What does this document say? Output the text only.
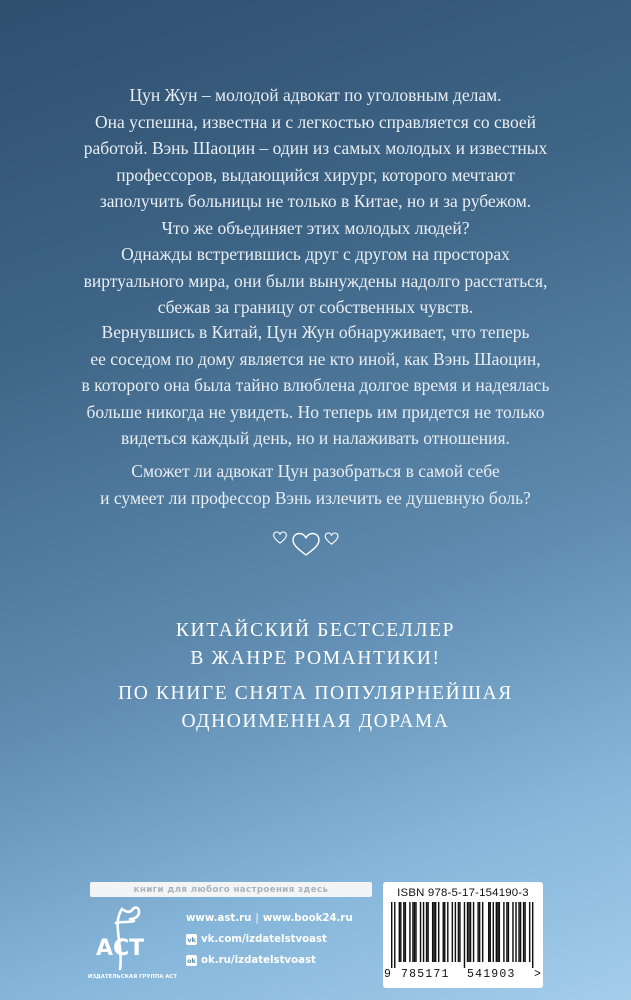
Цун Жун – молодой адвокат по уголовным делам.

Она успешна, известна и с легкостью справляется со своей

работой. Вэнь Шаоцин – один из самых молодых и известных

профессоров, выдающийся хирург, которого мечтают

заполучить больницы не только в Китае, но и за рубежом.

Что же объединяет этих молодых людей?

Однажды встретившись друг с другом на просторах

виртуального мира, они были вынуждены надолго расстаться,

сбежав за границу от собственных чувств.

Вернувшись в Китай, Цун Жун обнаруживает, что теперь

ее соседом по дому является не кто иной, как Вэнь Шаоцин,

в которого она была тайно влюблена долгое время и надеялась

больше никогда не увидеть. Но теперь им придется не только

видеться каждый день, но и налаживать отношения.

Сможет ли адвокат Цун разобраться в самой себе

и сумеет ли профессор Вэнь излечить ее душевную боль?

КИТАЙСКИЙ БЕСТСЕЛЛЕР
В ЖАНРЕ РОМАНТИКИ!
ПО КНИГЕ СНЯТА ПОПУЛЯРНЕЙШАЯ
ОДНОИМЕННАЯ ДОРАМА
книги для любого настроения здесь
АСТ
ИЗДАТЕЛЬСКАЯ ГРУППА АСТ
www.ast.ru | www.book24.ru
vk vk.com/izdatelstvoast
ok ok.ru/izdatelstvoast
ISBN 978-5-17-154190-3
9 785171 541903 >
